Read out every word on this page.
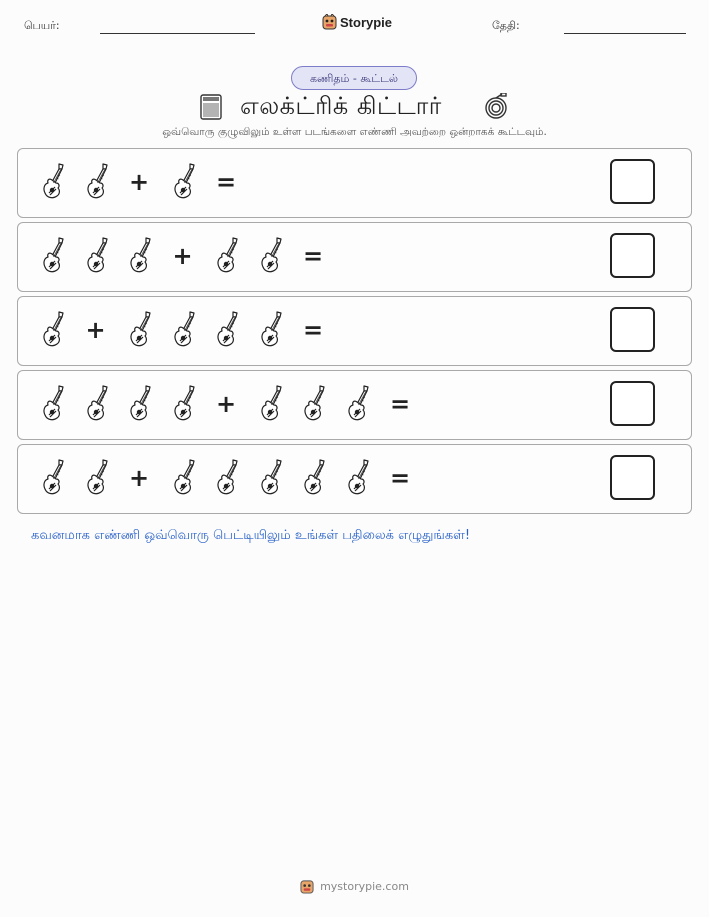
பெயர்:	Storypie	தேதி:
கணிதம் - கூட்டல்
எலக்ட்ரிக் கிட்டார்
ஒவ்வொரு குழுவிலும் உள்ள படங்களை எண்ணி அவற்றை ஒன்றாகக் கூட்டவும்.
+	=
+	=
+	=
+	=
+	=
கவனமாக எண்ணி ஒவ்வொரு பெட்டியிலும் உங்கள் பதிலைக் எழுதுங்கள்!
mystorypie.com
